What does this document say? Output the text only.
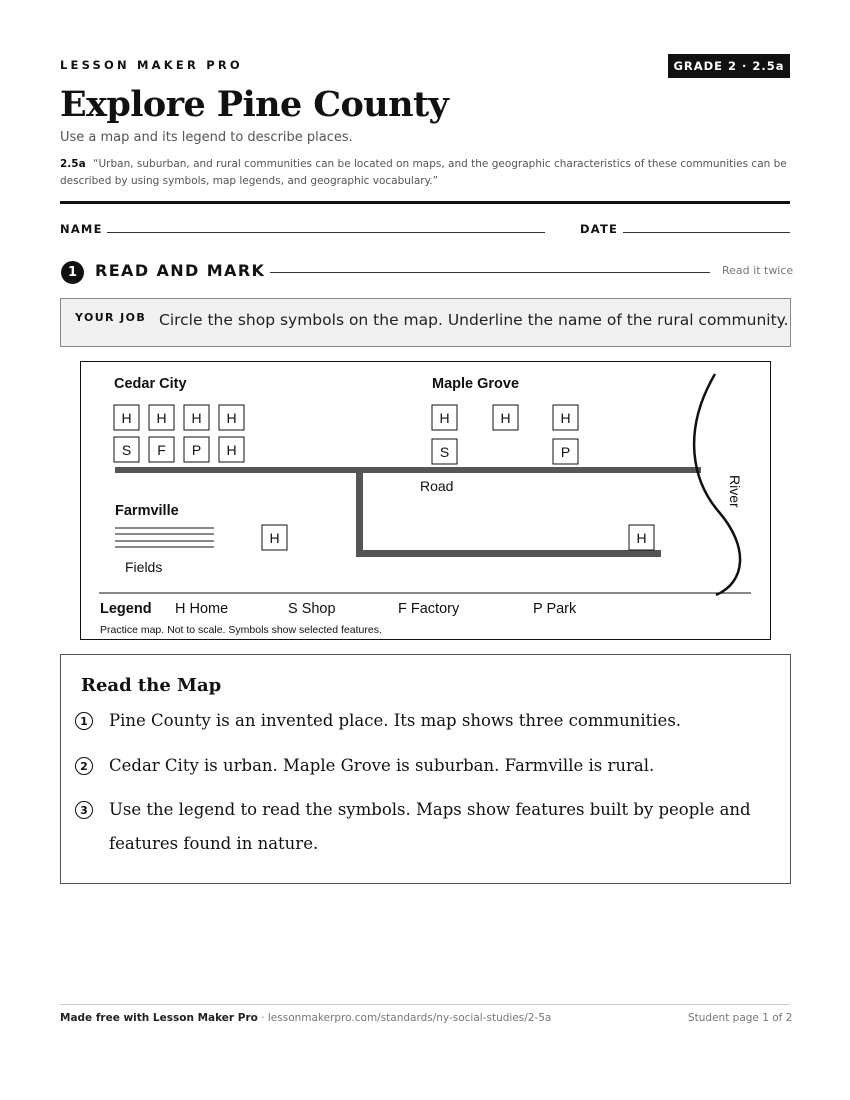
LESSON MAKER PRO	GRADE 2 · 2.5a
Explore Pine County
Use a map and its legend to describe places.
2.5a “Urban, suburban, and rural communities can be located on maps, and the geographic characteristics of these communities can be described by using symbols, map legends, and geographic vocabulary.”
NAME	DATE
1	READ AND MARK	Read it twice
YOUR JOB Circle the shop symbols on the map. Underline the name of the rural community.
Cedar City	Maple Grove
Farmville
Road	River
Fields
H H H H
S F P H
H	H	H
S	P
H	H
Legend H Home	S Shop	F Factory	P Park
Practice map. Not to scale. Symbols show selected features.
Read the Map
1	Pine County is an invented place. Its map shows three communities.
2	Cedar City is urban. Maple Grove is suburban. Farmville is rural.
3	Use the legend to read the symbols. Maps show features built by people and features found in nature.
Made free with Lesson Maker Pro · lessonmakerpro.com/standards/ny-social-studies/2-5a	Student page 1 of 2
